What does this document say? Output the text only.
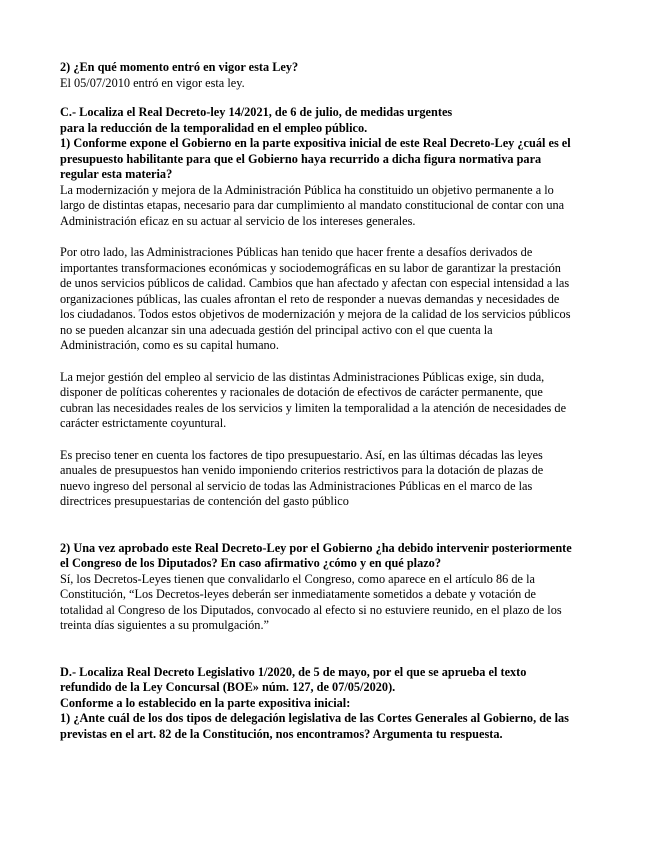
2) ¿En qué momento entró en vigor esta Ley?
El 05/07/2010 entró en vigor esta ley.
C.- Localiza el Real Decreto-ley 14/2021, de 6 de julio, de medidas urgentes
para la reducción de la temporalidad en el empleo público.
1) Conforme expone el Gobierno en la parte expositiva inicial de este Real Decreto-Ley ¿cuál es el
presupuesto habilitante para que el Gobierno haya recurrido a dicha figura normativa para
regular esta materia?
La modernización y mejora de la Administración Pública ha constituido un objetivo permanente a lo
largo de distintas etapas, necesario para dar cumplimiento al mandato constitucional de contar con una
Administración eficaz en su actuar al servicio de los intereses generales.
Por otro lado, las Administraciones Públicas han tenido que hacer frente a desafíos derivados de
importantes transformaciones económicas y sociodemográficas en su labor de garantizar la prestación
de unos servicios públicos de calidad. Cambios que han afectado y afectan con especial intensidad a las
organizaciones públicas, las cuales afrontan el reto de responder a nuevas demandas y necesidades de
los ciudadanos. Todos estos objetivos de modernización y mejora de la calidad de los servicios públicos
no se pueden alcanzar sin una adecuada gestión del principal activo con el que cuenta la
Administración, como es su capital humano.
La mejor gestión del empleo al servicio de las distintas Administraciones Públicas exige, sin duda,
disponer de políticas coherentes y racionales de dotación de efectivos de carácter permanente, que
cubran las necesidades reales de los servicios y limiten la temporalidad a la atención de necesidades de
carácter estrictamente coyuntural.
Es preciso tener en cuenta los factores de tipo presupuestario. Así, en las últimas décadas las leyes
anuales de presupuestos han venido imponiendo criterios restrictivos para la dotación de plazas de
nuevo ingreso del personal al servicio de todas las Administraciones Públicas en el marco de las
directrices presupuestarias de contención del gasto público
2) Una vez aprobado este Real Decreto-Ley por el Gobierno ¿ha debido intervenir posteriormente
el Congreso de los Diputados? En caso afirmativo ¿cómo y en qué plazo?
Sí, los Decretos-Leyes tienen que convalidarlo el Congreso, como aparece en el artículo 86 de la
Constitución, “Los Decretos-leyes deberán ser inmediatamente sometidos a debate y votación de
totalidad al Congreso de los Diputados, convocado al efecto si no estuviere reunido, en el plazo de los
treinta días siguientes a su promulgación.”
D.- Localiza Real Decreto Legislativo 1/2020, de 5 de mayo, por el que se aprueba el texto
refundido de la Ley Concursal (BOE» núm. 127, de 07/05/2020).
Conforme a lo establecido en la parte expositiva inicial:
1) ¿Ante cuál de los dos tipos de delegación legislativa de las Cortes Generales al Gobierno, de las
previstas en el art. 82 de la Constitución, nos encontramos? Argumenta tu respuesta.
